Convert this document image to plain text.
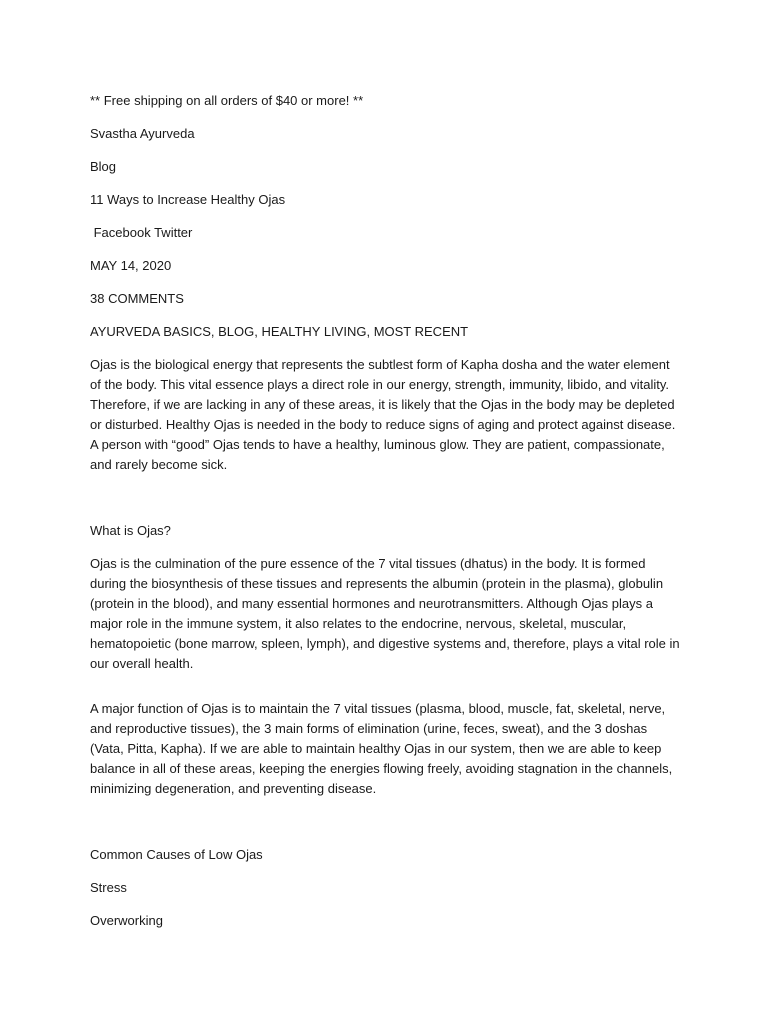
** Free shipping on all orders of $40 or more! **

Svastha Ayurveda

Blog

11 Ways to Increase Healthy Ojas

Facebook Twitter

MAY 14, 2020

38 COMMENTS

AYURVEDA BASICS, BLOG, HEALTHY LIVING, MOST RECENT

Ojas is the biological energy that represents the subtlest form of Kapha dosha and the water element of the body. This vital essence plays a direct role in our energy, strength, immunity, libido, and vitality. Therefore, if we are lacking in any of these areas, it is likely that the Ojas in the body may be depleted or disturbed. Healthy Ojas is needed in the body to reduce signs of aging and protect against disease. A person with “good” Ojas tends to have a healthy, luminous glow. They are patient, compassionate, and rarely become sick.

What is Ojas?

Ojas is the culmination of the pure essence of the 7 vital tissues (dhatus) in the body. It is formed during the biosynthesis of these tissues and represents the albumin (protein in the plasma), globulin (protein in the blood), and many essential hormones and neurotransmitters. Although Ojas plays a major role in the immune system, it also relates to the endocrine, nervous, skeletal, muscular, hematopoietic (bone marrow, spleen, lymph), and digestive systems and, therefore, plays a vital role in our overall health.

A major function of Ojas is to maintain the 7 vital tissues (plasma, blood, muscle, fat, skeletal, nerve, and reproductive tissues), the 3 main forms of elimination (urine, feces, sweat), and the 3 doshas (Vata, Pitta, Kapha). If we are able to maintain healthy Ojas in our system, then we are able to keep balance in all of these areas, keeping the energies flowing freely, avoiding stagnation in the channels, minimizing degeneration, and preventing disease.

Common Causes of Low Ojas

Stress

Overworking
